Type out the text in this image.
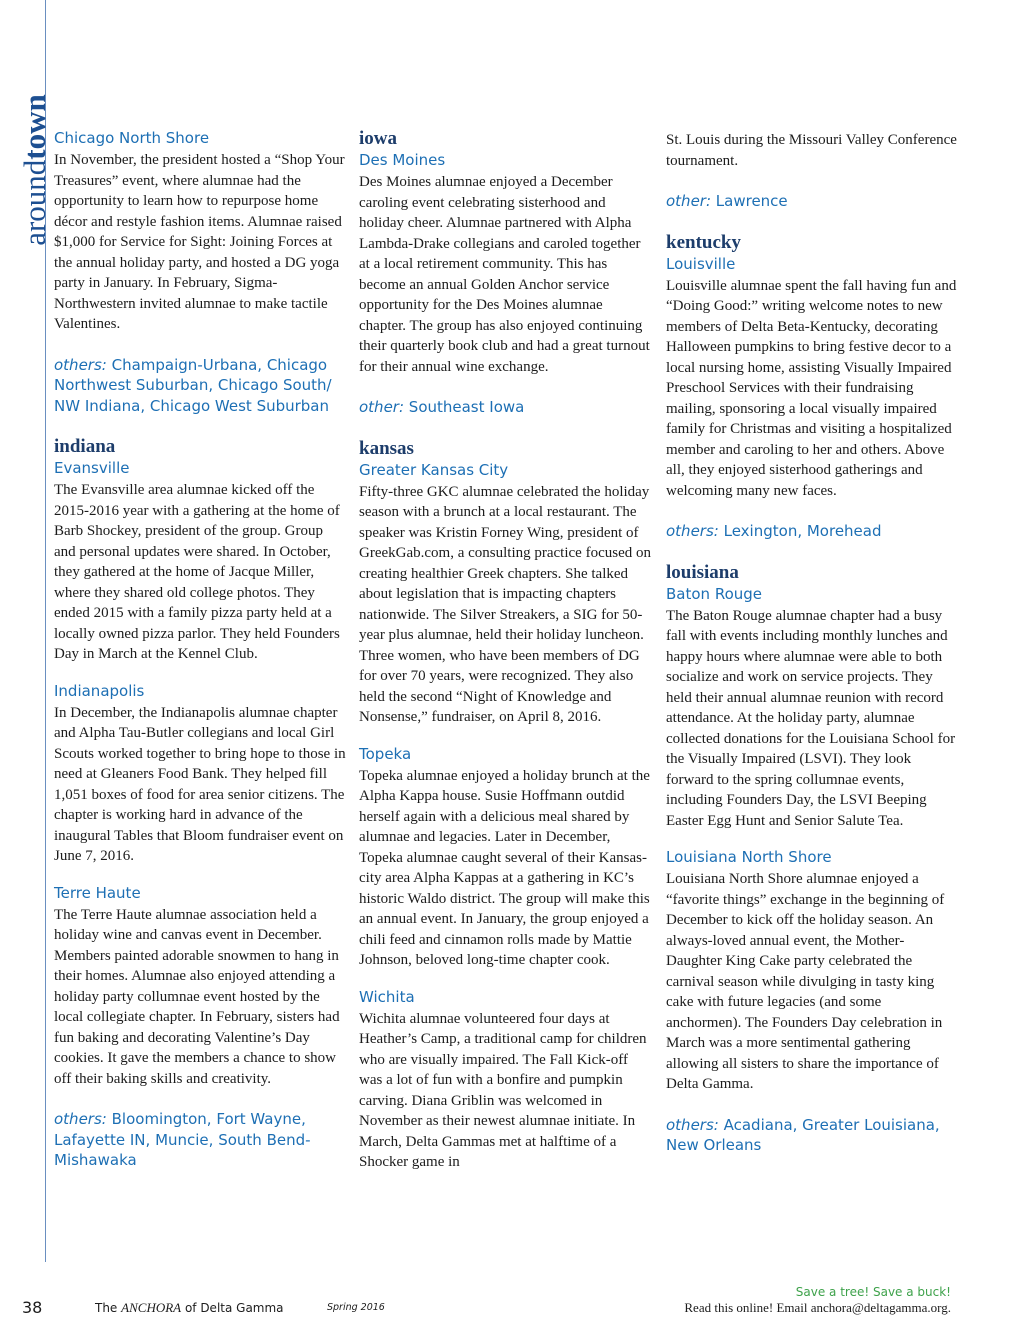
aroundtown Chicago North Shore

In November, the president hosted a “Shop Your Treasures” event, where alumnae had the opportunity to learn how to repurpose home décor and restyle fashion items. Alumnae raised $1,000 for Service for Sight: Joining Forces at the annual holiday party, and hosted a DG yoga party in January. In February, Sigma-Northwestern invited alumnae to make tactile Valentines.

others: Champaign-Urbana, Chicago Northwest Suburban, Chicago South/ NW Indiana, Chicago West Suburban

indiana

Evansville

The Evansville area alumnae kicked off the 2015-2016 year with a gathering at the home of Barb Shockey, president of the group. Group and personal updates were shared. In October, they gathered at the home of Jacque Miller, where they shared old college photos. They ended 2015 with a family pizza party held at a locally owned pizza parlor. They held Founders Day in March at the Kennel Club.

Indianapolis

In December, the Indianapolis alumnae chapter and Alpha Tau-Butler collegians and local Girl Scouts worked together to bring hope to those in need at Gleaners Food Bank. They helped fill 1,051 boxes of food for area senior citizens. The chapter is working hard in advance of the inaugural Tables that Bloom fundraiser event on June 7, 2016.

Terre Haute

The Terre Haute alumnae association held a holiday wine and canvas event in December. Members painted adorable snowmen to hang in their homes. Alumnae also enjoyed attending a holiday party collumnae event hosted by the local collegiate chapter. In February, sisters had fun baking and decorating Valentine’s Day cookies. It gave the members a chance to show off their baking skills and creativity.

others: Bloomington, Fort Wayne, Lafayette IN, Muncie, South Bend-Mishawaka

iowa

Des Moines

Des Moines alumnae enjoyed a December caroling event celebrating sisterhood and holiday cheer. Alumnae partnered with Alpha Lambda-Drake collegians and caroled together at a local retirement community. This has become an annual Golden Anchor service opportunity for the Des Moines alumnae chapter. The group has also enjoyed continuing their quarterly book club and had a great turnout for their annual wine exchange.

other: Southeast Iowa

kansas

Greater Kansas City

Fifty-three GKC alumnae celebrated the holiday season with a brunch at a local restaurant. The speaker was Kristin Forney Wing, president of GreekGab.com, a consulting practice focused on creating healthier Greek chapters. She talked about legislation that is impacting chapters nationwide. The Silver Streakers, a SIG for 50-year plus alumnae, held their holiday luncheon. Three women, who have been members of DG for over 70 years, were recognized. They also held the second “Night of Knowledge and Nonsense,” fundraiser, on April 8, 2016.

Topeka

Topeka alumnae enjoyed a holiday brunch at the Alpha Kappa house. Susie Hoffmann outdid herself again with a delicious meal shared by alumnae and legacies. Later in December, Topeka alumnae caught several of their Kansas-city area Alpha Kappas at a gathering in KC’s historic Waldo district. The group will make this an annual event. In January, the group enjoyed a chili feed and cinnamon rolls made by Mattie Johnson, beloved long-time chapter cook.

Wichita

Wichita alumnae volunteered four days at Heather’s Camp, a traditional camp for children who are visually impaired. The Fall Kick-off was a lot of fun with a bonfire and pumpkin carving. Diana Griblin was welcomed in November as their newest alumnae initiate. In March, Delta Gammas met at halftime of a Shocker game in

St. Louis during the Missouri Valley Conference tournament.

other: Lawrence

kentucky

Louisville

Louisville alumnae spent the fall having fun and “Doing Good:” writing welcome notes to new members of Delta Beta-Kentucky, decorating Halloween pumpkins to bring festive decor to a local nursing home, assisting Visually Impaired Preschool Services with their fundraising mailing, sponsoring a local visually impaired family for Christmas and visiting a hospitalized member and caroling to her and others. Above all, they enjoyed sisterhood gatherings and welcoming many new faces.

others: Lexington, Morehead

louisiana

Baton Rouge

The Baton Rouge alumnae chapter had a busy fall with events including monthly lunches and happy hours where alumnae were able to both socialize and work on service projects. They held their annual alumnae reunion with record attendance. At the holiday party, alumnae collected donations for the Louisiana School for the Visually Impaired (LSVI). They look forward to the spring collumnae events, including Founders Day, the LSVI Beeping Easter Egg Hunt and Senior Salute Tea.

Louisiana North Shore

Louisiana North Shore alumnae enjoyed a “favorite things” exchange in the beginning of December to kick off the holiday season. An always-loved annual event, the Mother-Daughter King Cake party celebrated the carnival season while divulging in tasty king cake with future legacies (and some anchormen). The Founders Day celebration in March was a more sentimental gathering allowing all sisters to share the importance of Delta Gamma.

others: Acadiana, Greater Louisiana, New Orleans

38	The ANCHORA of Delta Gamma	Spring 2016
Save a tree! Save a buck!
Read this online! Email anchora@deltagamma.org.
